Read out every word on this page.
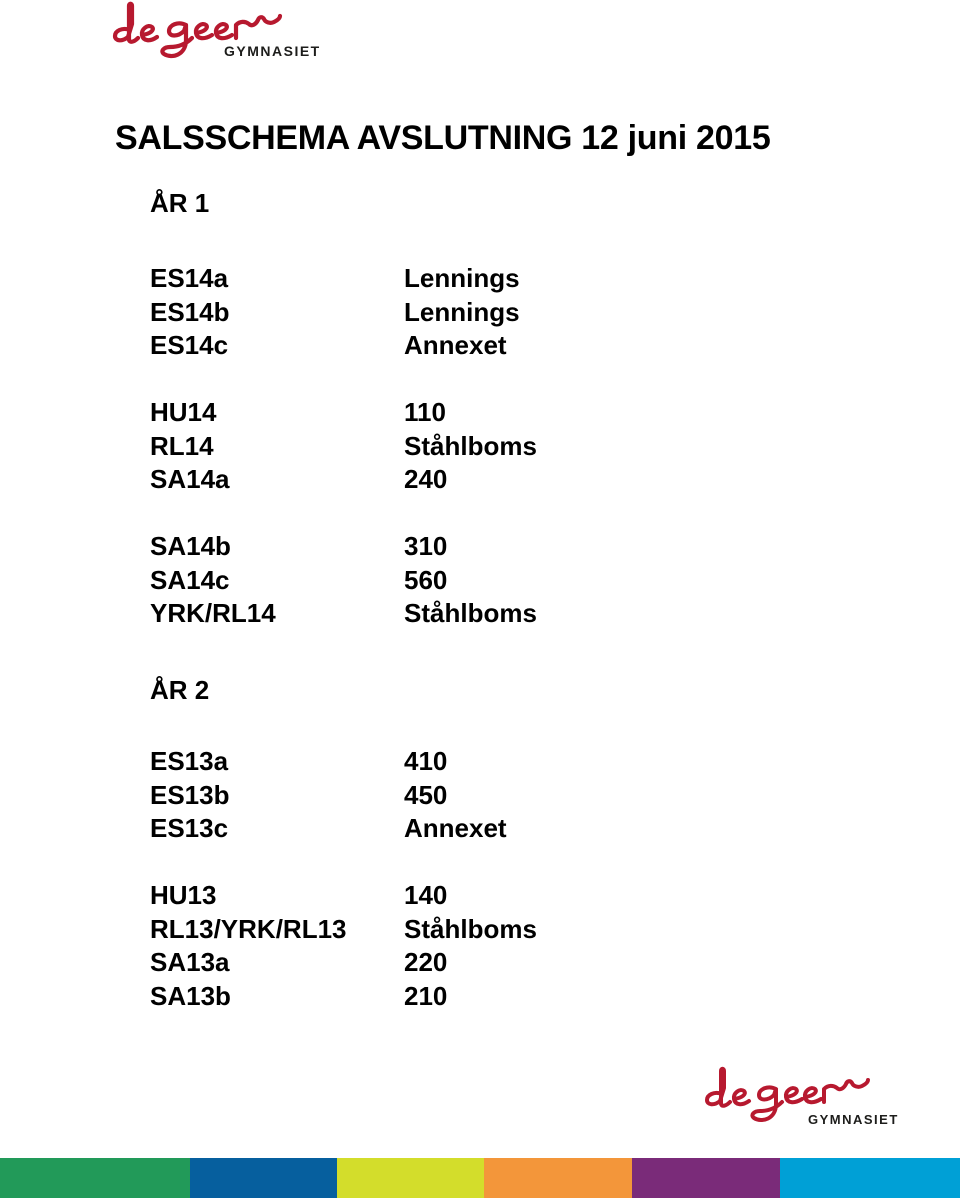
GYMNASIET
SALSSCHEMA AVSLUTNING 12 juni 2015
ÅR 1
ES14a	Lennings
ES14b	Lennings
ES14c	Annexet
HU14	110
RL14	Ståhlboms
SA14a	240
SA14b	310
SA14c	560
YRK/RL14	Ståhlboms
ÅR 2
ES13a	410
ES13b	450
ES13c	Annexet
HU13	140
RL13/YRK/RL13	Ståhlboms
SA13a	220
SA13b	210
GYMNASIET
